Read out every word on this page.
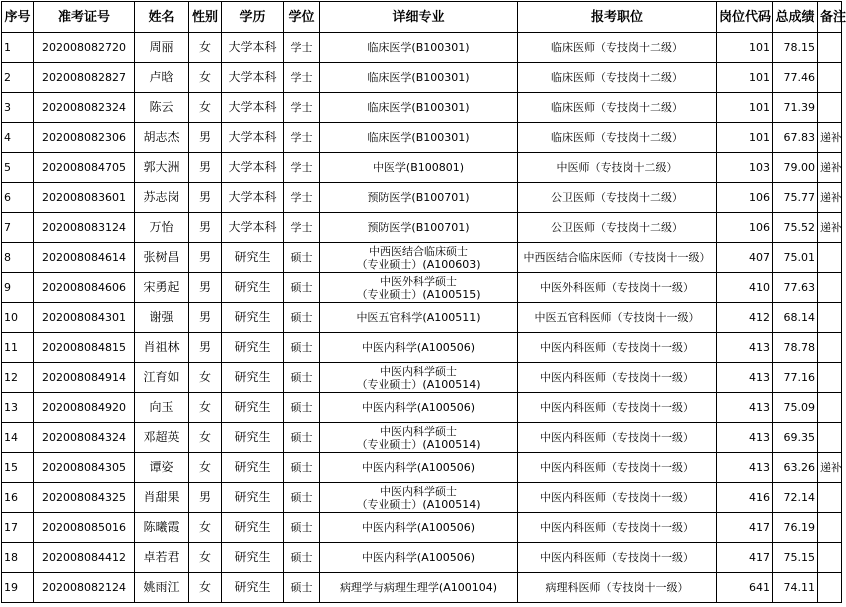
序号	准考证号	姓名	性别	学历	学位	详细专业	报考职位	岗位代码	总成绩	备注
1	202008082720	周丽	女	大学本科	学士	临床医学(B100301)	临床医师（专技岗十二级）	101	78.15	
2	202008082827	卢晗	女	大学本科	学士	临床医学(B100301)	临床医师（专技岗十二级）	101	77.46	
3	202008082324	陈云	女	大学本科	学士	临床医学(B100301)	临床医师（专技岗十二级）	101	71.39	
4	202008082306	胡志杰	男	大学本科	学士	临床医学(B100301)	临床医师（专技岗十二级）	101	67.83	递补
5	202008084705	郭大洲	男	大学本科	学士	中医学(B100801)	中医师（专技岗十二级）	103	79.00	递补
6	202008083601	苏志岗	男	大学本科	学士	预防医学(B100701)	公卫医师（专技岗十二级）	106	75.77	递补
7	202008083124	万怡	男	大学本科	学士	预防医学(B100701)	公卫医师（专技岗十二级）	106	75.52	递补
8	202008084614	张树昌	男	研究生	硕士	中西医结合临床硕士
（专业硕士）(A100603)	中西医结合临床医师（专技岗十一级）	407	75.01	
9	202008084606	宋勇起	男	研究生	硕士	中医外科学硕士
（专业硕士）(A100515)	中医外科医师（专技岗十一级）	410	77.63	
10	202008084301	谢强	男	研究生	硕士	中医五官科学(A100511)	中医五官科医师（专技岗十一级）	412	68.14	
11	202008084815	肖祖林	男	研究生	硕士	中医内科学(A100506)	中医内科医师（专技岗十一级）	413	78.78	
12	202008084914	江育如	女	研究生	硕士	中医内科学硕士
（专业硕士）(A100514)	中医内科医师（专技岗十一级）	413	77.16	
13	202008084920	向玉	女	研究生	硕士	中医内科学(A100506)	中医内科医师（专技岗十一级）	413	75.09	
14	202008084324	邓超英	女	研究生	硕士	中医内科学硕士
（专业硕士）(A100514)	中医内科医师（专技岗十一级）	413	69.35	
15	202008084305	谭姿	女	研究生	硕士	中医内科学(A100506)	中医内科医师（专技岗十一级）	413	63.26	递补
16	202008084325	肖甜果	男	研究生	硕士	中医内科学硕士
（专业硕士）(A100514)	中医内科医师（专技岗十一级）	416	72.14	
17	202008085016	陈曦霞	女	研究生	硕士	中医内科学(A100506)	中医内科医师（专技岗十一级）	417	76.19	
18	202008084412	卓若君	女	研究生	硕士	中医内科学(A100506)	中医内科医师（专技岗十一级）	417	75.15	
19	202008082124	姚雨江	女	研究生	硕士	病理学与病理生理学(A100104)	病理科医师（专技岗十一级）	641	74.11	
